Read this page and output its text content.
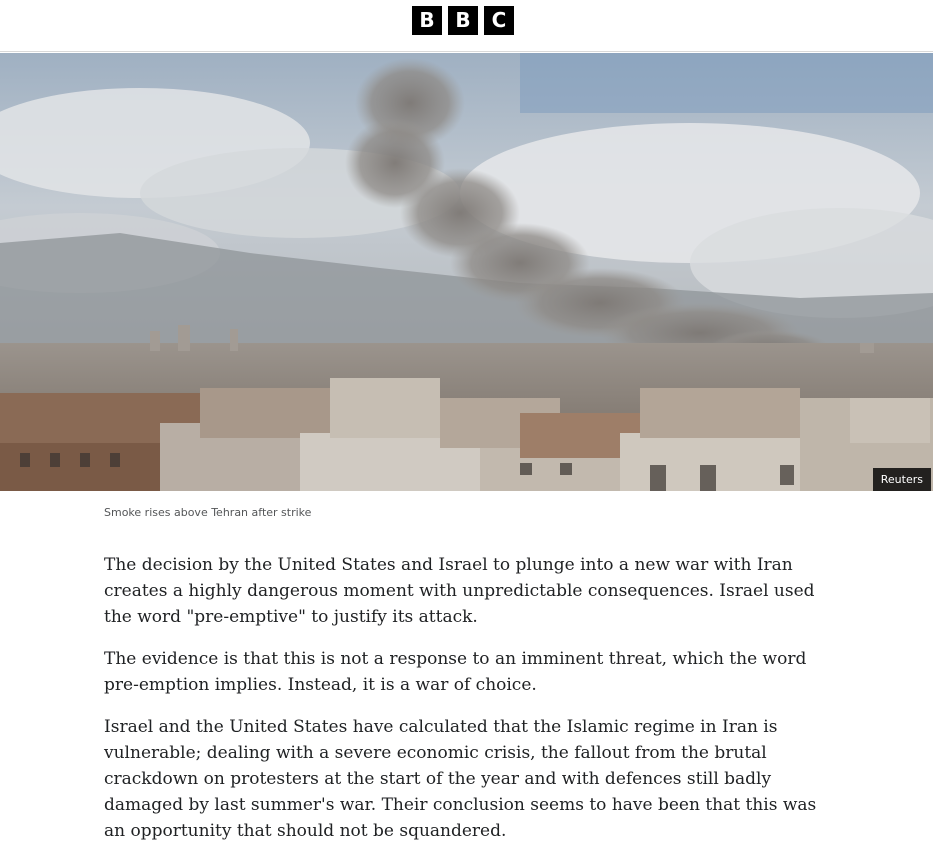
B	B	C
Reuters
Smoke rises above Tehran after strike

The decision by the United States and Israel to plunge into a new war with Iran creates a highly dangerous moment with unpredictable consequences. Israel used the word "pre-emptive" to justify its attack.

The evidence is that this is not a response to an imminent threat, which the word pre-emption implies. Instead, it is a war of choice.

Israel and the United States have calculated that the Islamic regime in Iran is vulnerable; dealing with a severe economic crisis, the fallout from the brutal crackdown on protesters at the start of the year and with defences still badly damaged by last summer's war. Their conclusion seems to have been that this was an opportunity that should not be squandered.
